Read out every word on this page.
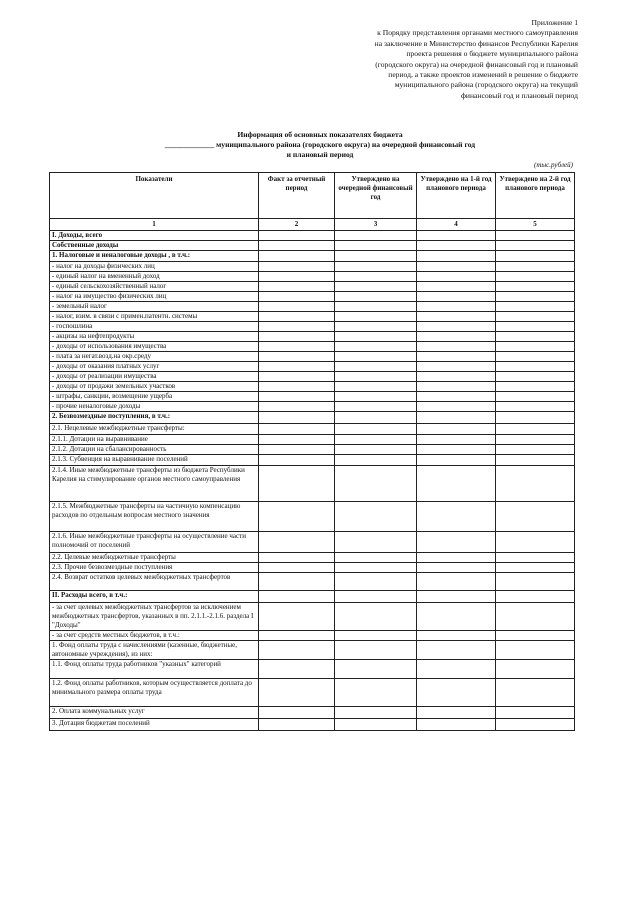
Приложение 1
к Порядку представления органами местного самоуправления
на заключение в Министерство финансов Республики Карелия
проекта решения о бюджете муниципального района
(городского округа) на очередной финансовый год и плановый
период, а также проектов изменений в решение о бюджете
муниципального района (городского округа) на текущий
финансовый год и плановый период
Информация об основных показателях бюджета
_____________ муниципального района (городского округа) на очередной финансовый год
и плановый период
(тыс.рублей)
Показатели	Факт за отчетный период	Утверждено на очередной финансовый год	Утверждено на 1-й год планового периода	Утверждено на 2-й год планового периода
1	2	3	4	5
I. Доходы, всего				
Собственные доходы				
1. Налоговые и неналоговые доходы , в т.ч.:				
- налог на доходы физических лиц				
- единый налог на вмененный доход				
- единый сельскохозяйственный налог				
- налог на имущество физических лиц				
- земельный налог				
- налог, взим. в связи с примен.патентн. системы				
- госпошлина				
- акцизы на нефтепродукты				
- доходы от использования имущества				
- плата за негат.возд.на окр.среду				
- доходы от оказания платных услуг				
- доходы от реализации имущества				
- доходы от продажи земельных участков				
- штрафы, санкции, возмещение ущерба				
- прочие неналоговые доходы				
2. Безвозмездные поступления, в т.ч.:				
2.1. Нецелевые межбюджетные трансферты:				
2.1.1. Дотации на выравнивание				
2.1.2. Дотации на сбалансированность				
2.1.3. Субвенция на выравнивание поселений				
2.1.4. Иные межбюджетные трансферты из бюджета Республики Карелия на стимулирование органов местного самоуправления				
2.1.5. Межбюджетные трансферты на частичную компенсацию расходов по отдельным вопросам местного значения				
2.1.6. Иные межбюджетные трансферты на осуществление части полномочий от поселений				
2.2. Целевые межбюджетные трансферты				
2.3. Прочие безвозмездные поступления				
2.4. Возврат остатков целевых межбюджетных трансфертов				
II. Расходы всего, в т.ч.:				
- за счет целевых межбюджетных трансфертов за исключением межбюджетных трансфертов, указанных в пп. 2.1.1.-2.1.6. раздела I "Доходы"				
- за счет средств местных бюджетов, в т.ч.:				
1. Фонд оплаты труда с начислениями (казенные, бюджетные, автономные учреждения), из них:				
1.1. Фонд оплаты труда работников "указных" категорий				
1.2. Фонд оплаты работников, которым осуществляется доплата до минимального размера оплаты труда				
2. Оплата коммунальных услуг				
3. Дотация бюджетам поселений				
